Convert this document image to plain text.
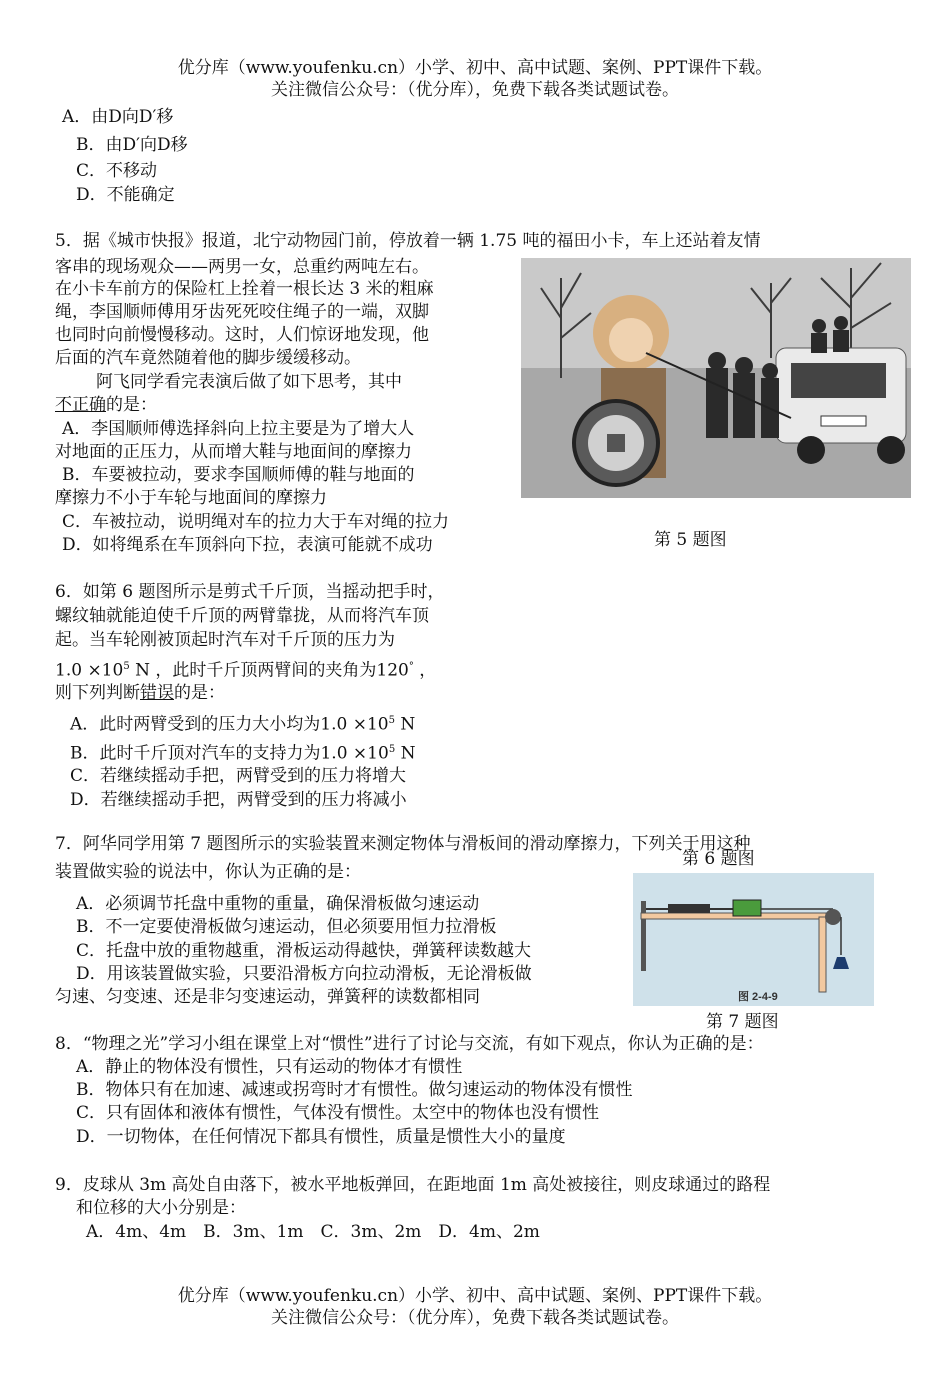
优分库（www.youfenku.cn）小学、初中、高中试题、案例、PPT课件下载。
关注微信公众号：（优分库），免费下载各类试题试卷。
A．由D向D′移
B．由D′向D移
C．不移动
D．不能确定
5．据《城市快报》报道，北宁动物园门前，停放着一辆 1.75 吨的福田小卡，车上还站着友情
客串的现场观众——两男一女，总重约两吨左右。
在小卡车前方的保险杠上拴着一根长达 3 米的粗麻
绳，李国顺师傅用牙齿死死咬住绳子的一端，双脚
也同时向前慢慢移动。这时，人们惊讶地发现，他
后面的汽车竟然随着他的脚步缓缓移动。
阿飞同学看完表演后做了如下思考，其中
不正确的是：
A．李国顺师傅选择斜向上拉主要是为了增大人
对地面的正压力，从而增大鞋与地面间的摩擦力
B．车要被拉动，要求李国顺师傅的鞋与地面的
摩擦力不小于车轮与地面间的摩擦力
C．车被拉动，说明绳对车的拉力大于车对绳的拉力
D．如将绳系在车顶斜向下拉，表演可能就不成功	第 5 题图
6．如第 6 题图所示是剪式千斤顶，当摇动把手时，
螺纹轴就能迫使千斤顶的两臂靠拢，从而将汽车顶
起。当车轮刚被顶起时汽车对千斤顶的压力为
$1.0 \times 10^5$ N ，此时千斤顶两臂间的夹角为120° ，
则下列判断错误的是：
A．此时两臂受到的压力大小均为$1.0 \times 10^5$ N
B．此时千斤顶对汽车的支持力为$1.0 \times 10^5$ N
C．若继续摇动手把，两臂受到的压力将增大
D．若继续摇动手把，两臂受到的压力将减小
7．阿华同学用第 7 题图所示的实验装置来测定物体与滑板间的滑动摩擦力，下列关于用这种
第 6 题图
装置做实验的说法中，你认为正确的是：
A．必须调节托盘中重物的重量，确保滑板做匀速运动
B．不一定要使滑板做匀速运动，但必须要用恒力拉滑板
C．托盘中放的重物越重，滑板运动得越快，弹簧秤读数越大
D．用该装置做实验，只要沿滑板方向拉动滑板，无论滑板做
匀速、匀变速、还是非匀变速运动，弹簧秤的读数都相同	图 2-4-9
第 7 题图
8．“物理之光”学习小组在课堂上对“惯性”进行了讨论与交流，有如下观点，你认为正确的是：
A．静止的物体没有惯性，只有运动的物体才有惯性
B．物体只有在加速、减速或拐弯时才有惯性。做匀速运动的物体没有惯性
C．只有固体和液体有惯性，气体没有惯性。太空中的物体也没有惯性
D．一切物体，在任何情况下都具有惯性，质量是惯性大小的量度
9．皮球从 3m 高处自由落下，被水平地板弹回，在距地面 1m 高处被接往，则皮球通过的路程
和位移的大小分别是：
A．4m、4m　B．3m、1m　C．3m、2m　D．4m、2m
优分库（www.youfenku.cn）小学、初中、高中试题、案例、PPT课件下载。
关注微信公众号：（优分库），免费下载各类试题试卷。
